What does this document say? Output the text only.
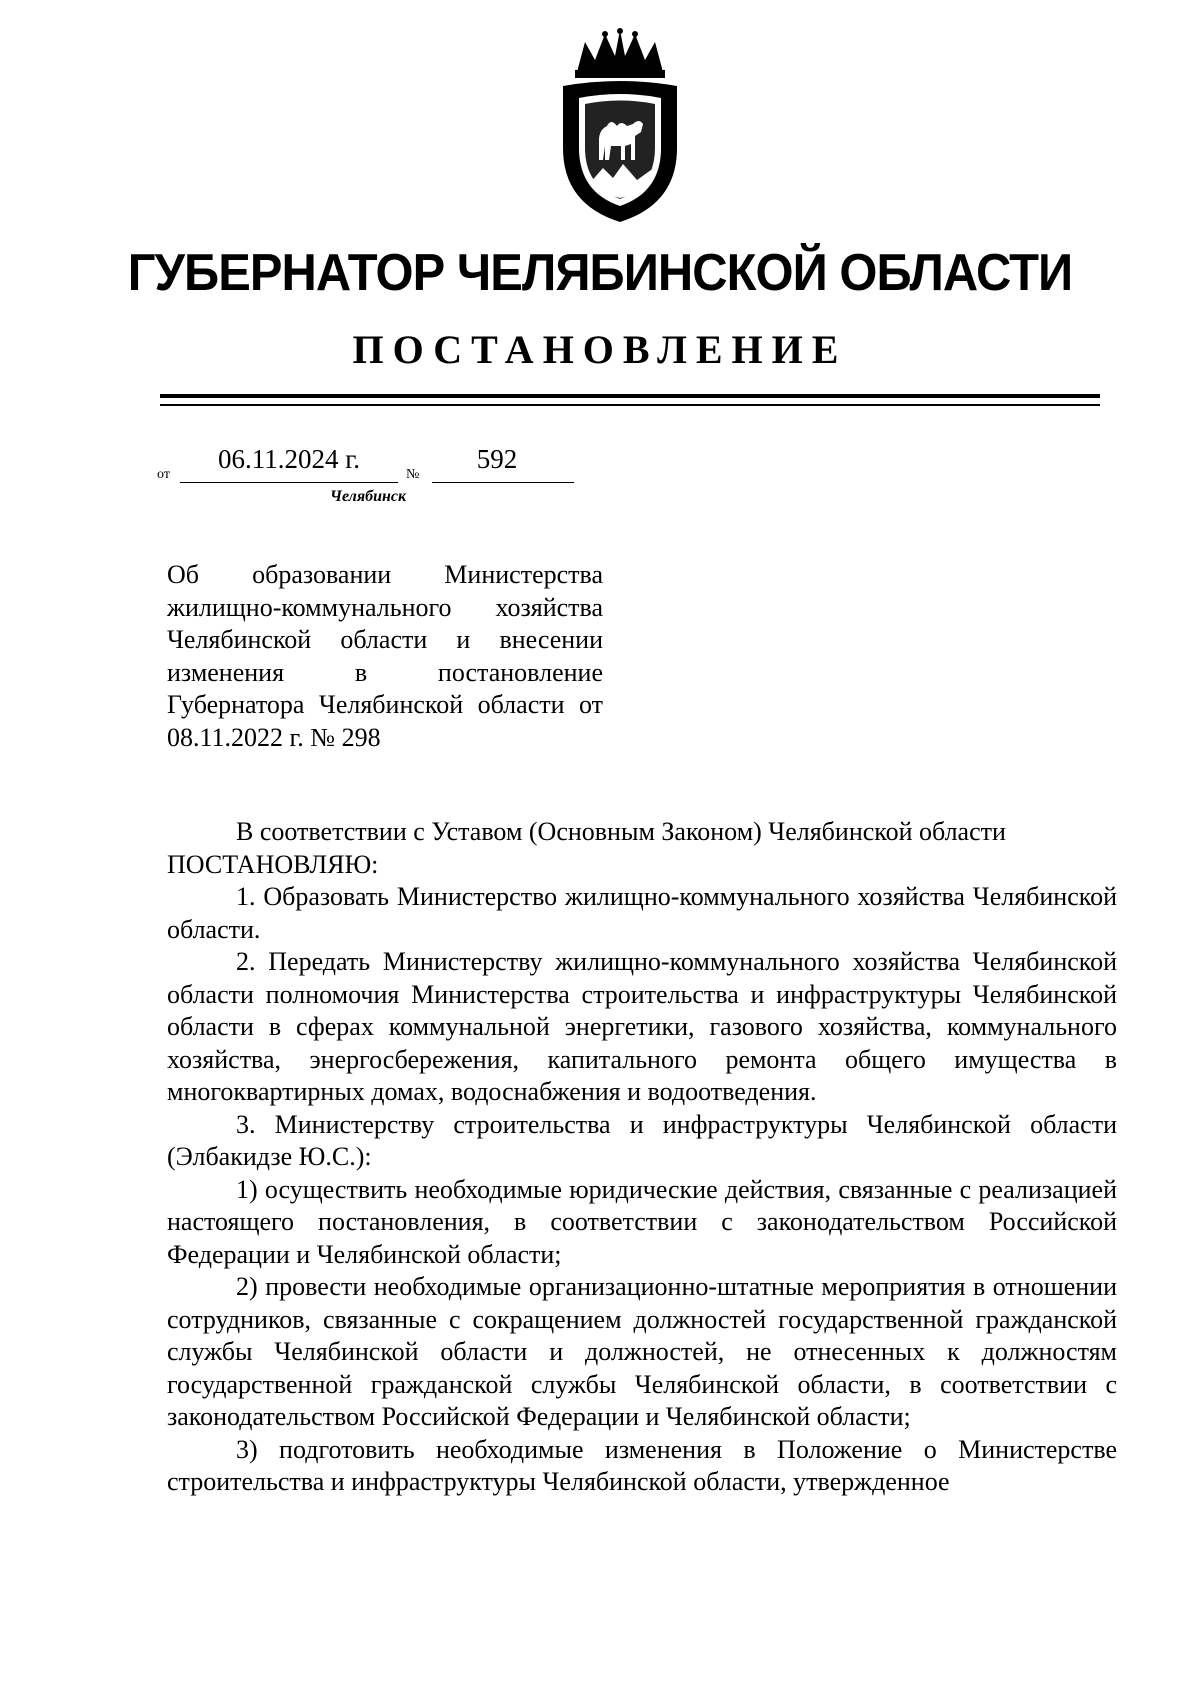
ГУБЕРНАТОР ЧЕЛЯБИНСКОЙ ОБЛАСТИ
ПОСТАНОВЛЕНИЕ
от
06.11.2024 г.
№
592
Челябинск
Об образовании Министерства жилищно-коммунального хозяйства Челябинской области и внесении изменения в постановление Губернатора Челябинской области от 08.11.2022 г. № 298

В соответствии с Уставом (Основным Законом) Челябинской области

ПОСТАНОВЛЯЮ:

1. Образовать Министерство жилищно-коммунального хозяйства Челябинской области.

2. Передать Министерству жилищно-коммунального хозяйства Челябинской области полномочия Министерства строительства и инфраструктуры Челябинской области в сферах коммунальной энергетики, газового хозяйства, коммунального хозяйства, энергосбережения, капитального ремонта общего имущества в многоквартирных домах, водоснабжения и водоотведения.

3. Министерству строительства и инфраструктуры Челябинской области (Элбакидзе Ю.С.):

1) осуществить необходимые юридические действия, связанные с реализацией настоящего постановления, в соответствии с законодательством Российской Федерации и Челябинской области;

2) провести необходимые организационно-штатные мероприятия в отношении сотрудников, связанные с сокращением должностей государственной гражданской службы Челябинской области и должностей, не отнесенных к должностям государственной гражданской службы Челябинской области, в соответствии с законодательством Российской Федерации и Челябинской области;

3) подготовить необходимые изменения в Положение о Министерстве строительства и инфраструктуры Челябинской области, утвержденное
